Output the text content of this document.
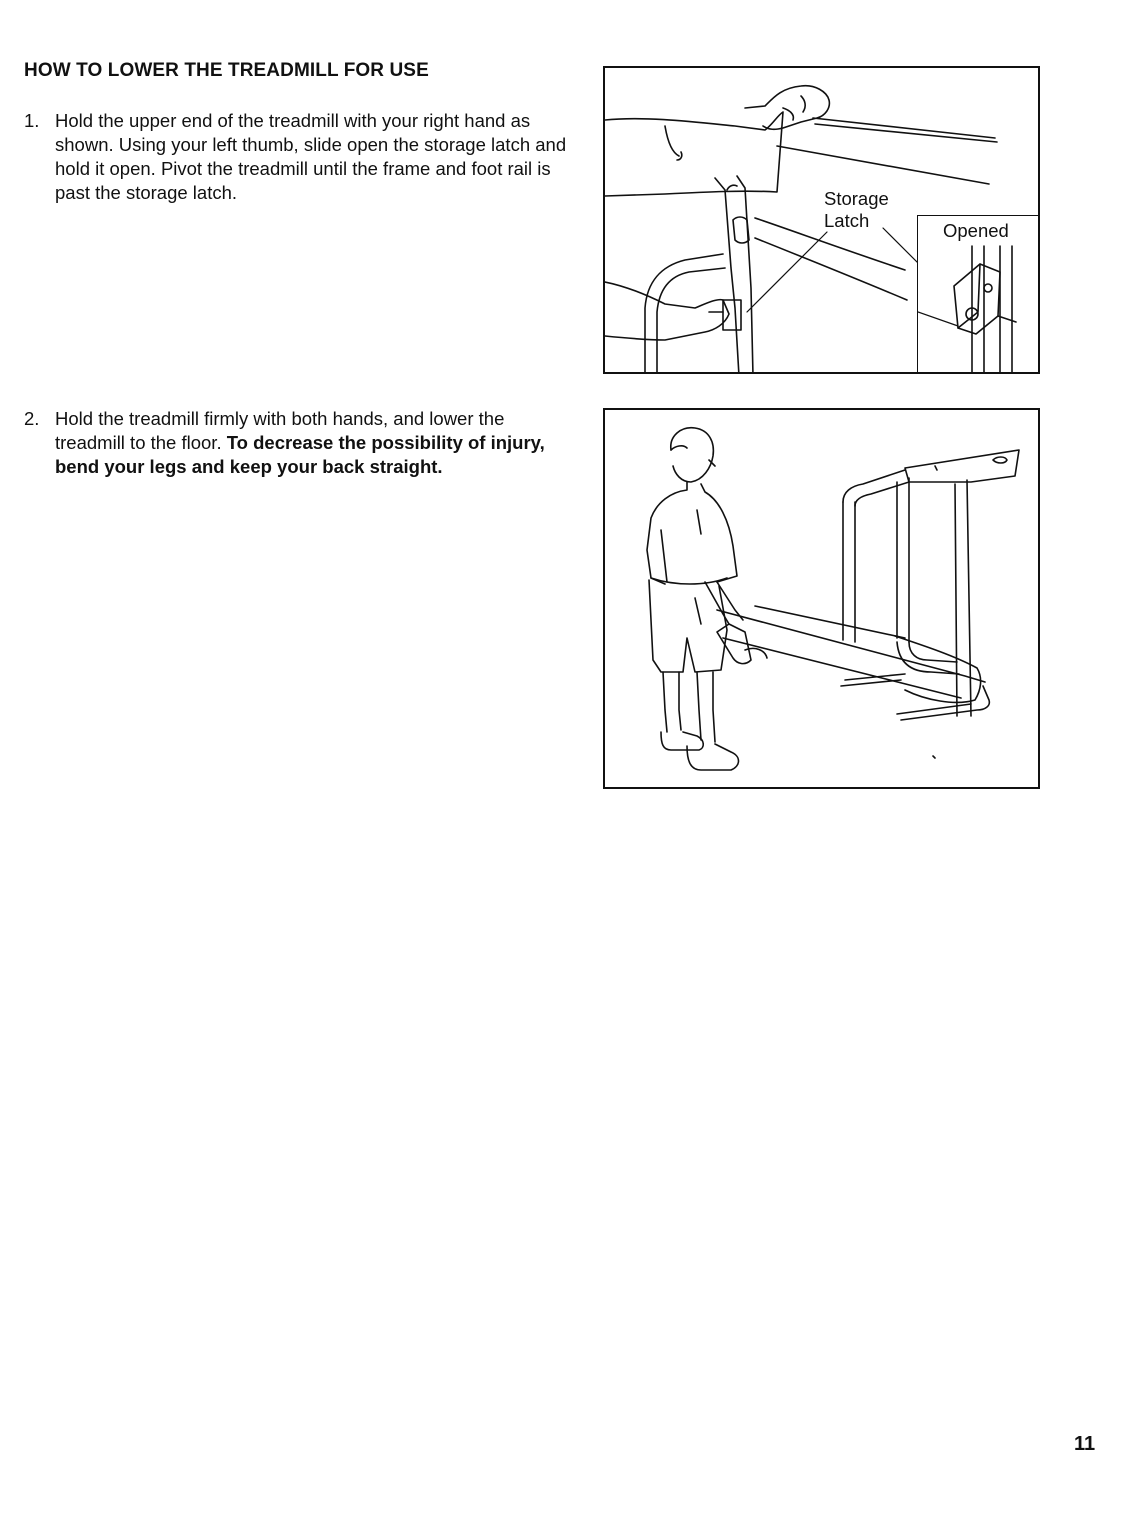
HOW TO LOWER THE TREADMILL FOR USE
1. Hold the upper end of the treadmill with your right hand as shown. Using your left thumb, slide open the storage latch and hold it open. Pivot the treadmill until the frame and foot rail is past the storage latch.
2. Hold the treadmill firmly with both hands, and lower the treadmill to the floor. To decrease the possibility of injury, bend your legs and keep your back straight.
Storage
Latch	Opened
11
